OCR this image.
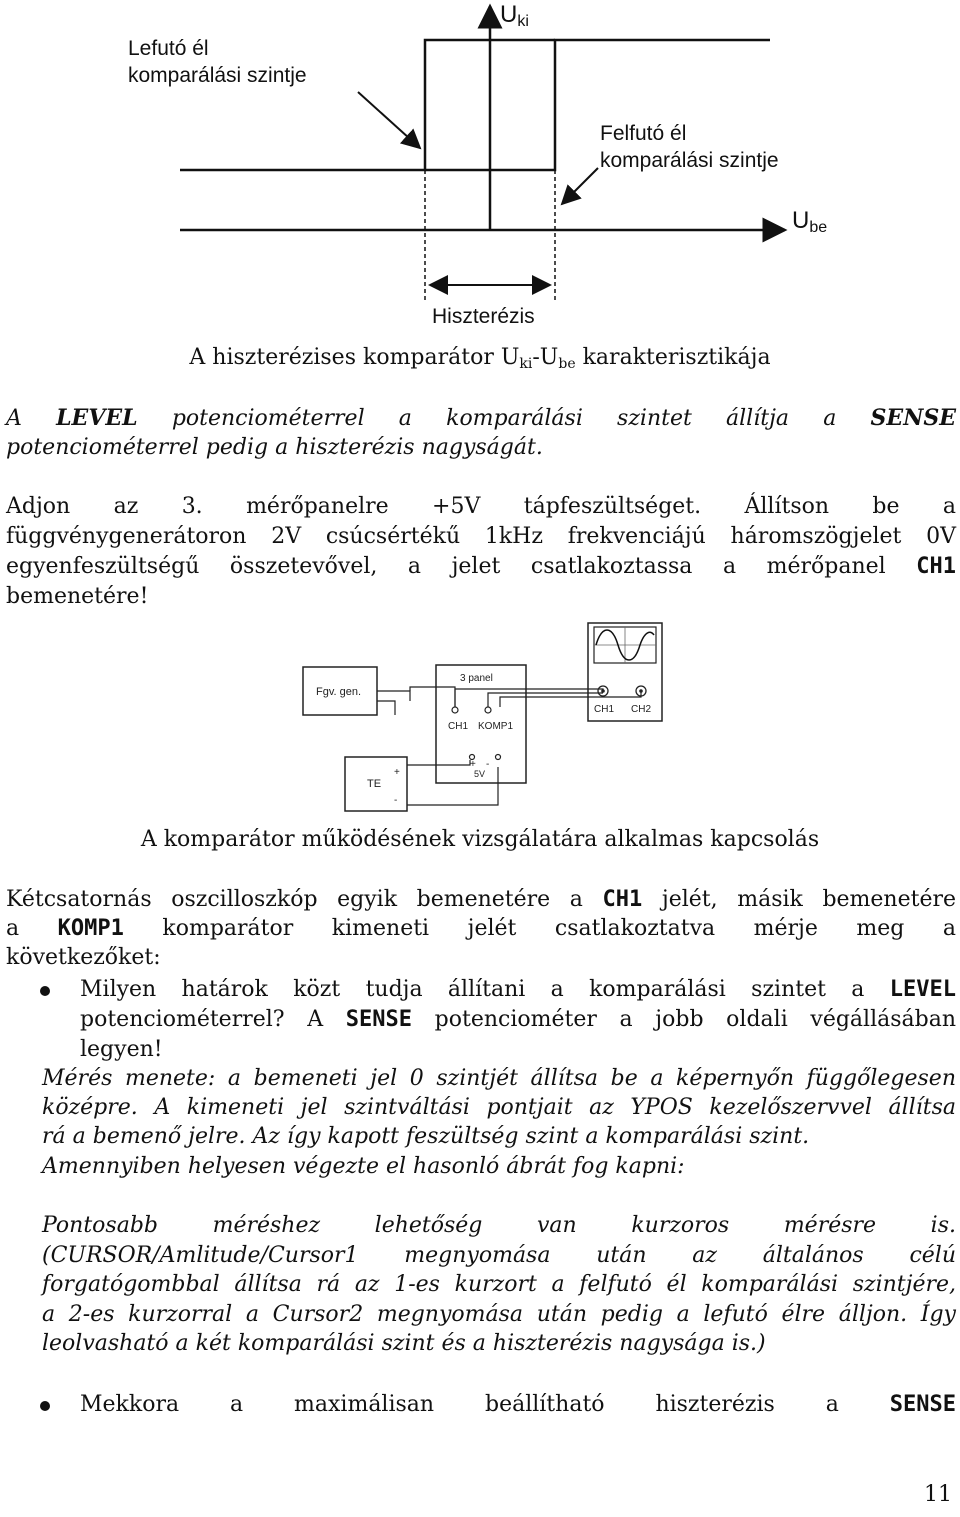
Uki
Ube
Lefutó él
komparálási szintje
Felfutó él
komparálási szintje
Hiszterézis
A hiszterézises komparátor $U_{ki}-U_{be}$ karakterisztikája
A LEVEL potenciométerrel a komparálási szintet állítja a SENSE
potenciométerrel pedig a hiszterézis nagyságát.
Adjon az 3. mérőpanelre +5V tápfeszültséget. Állítson be a
függvénygenerátoron 2V csúcsértékű 1kHz frekvenciájú háromszögjelet 0V
egyenfeszültségű összetevővel, a jelet csatlakoztassa a mérőpanel CH1
bemenetére!
CH1 CH2
Fgv. gen.
3 panel
CH1 KOMP1
TE
+
-
+ -
5V
A komparátor működésének vizsgálatára alkalmas kapcsolás
Kétcsatornás oszcilloszkóp egyik bemenetére a CH1 jelét, másik bemenetére
a KOMP1 komparátor kimeneti jelét csatlakoztatva mérje meg a
következőket:
Milyen határok közt tudja állítani a komparálási szintet a LEVEL
potenciométerrel? A SENSE potenciométer a jobb oldali végállásában
legyen!
Mérés menete: a bemeneti jel 0 szintjét állítsa be a képernyőn függőlegesen
középre. A kimeneti jel szintváltási pontjait az YPOS kezelőszervvel állítsa
rá a bemenő jelre. Az így kapott feszültség szint a komparálási szint.
Amennyiben helyesen végezte el hasonló ábrát fog kapni:
Pontosabb méréshez lehetőség van kurzoros mérésre is.
(CURSOR/Amlitude/Cursor1 megnyomása után az általános célú
forgatógombbal állítsa rá az 1-es kurzort a felfutó él komparálási szintjére,
a 2-es kurzorral a Cursor2 megnyomása után pedig a lefutó élre álljon. Így
leolvasható a két komparálási szint és a hiszterézis nagysága is.)
Mekkora a maximálisan beállítható hiszterézis a SENSE
11
